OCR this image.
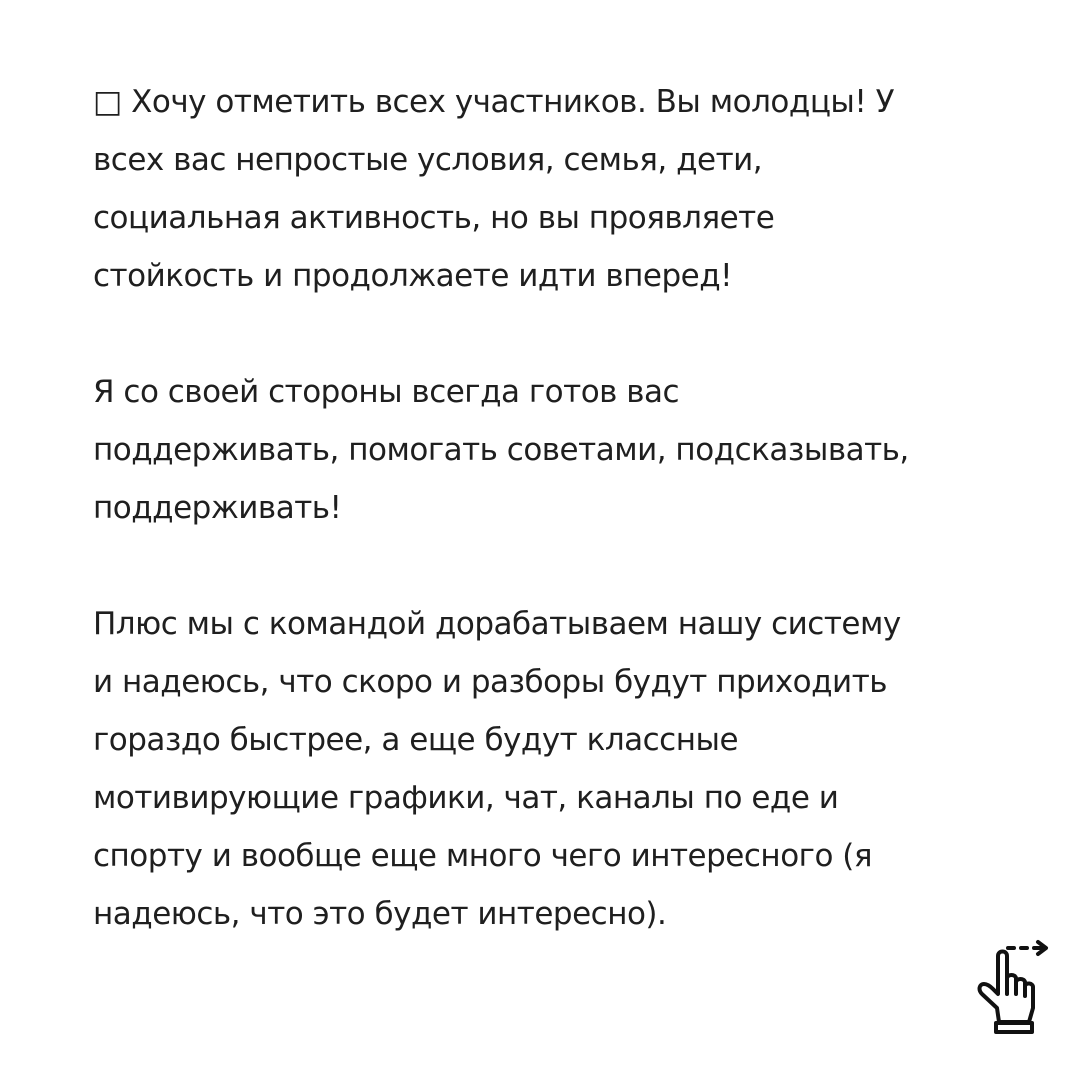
□ Хочу отметить всех участников. Вы молодцы! У
всех вас непростые условия, семья, дети,
социальная активность, но вы проявляете
стойкость и продолжаете идти вперед!
Я со своей стороны всегда готов вас
поддерживать, помогать советами, подсказывать,
поддерживать!
Плюс мы с командой дорабатываем нашу систему
и надеюсь, что скоро и разборы будут приходить
гораздо быстрее, а еще будут классные
мотивирующие графики, чат, каналы по еде и
спорту и вообще еще много чего интересного (я
надеюсь, что это будет интересно).
